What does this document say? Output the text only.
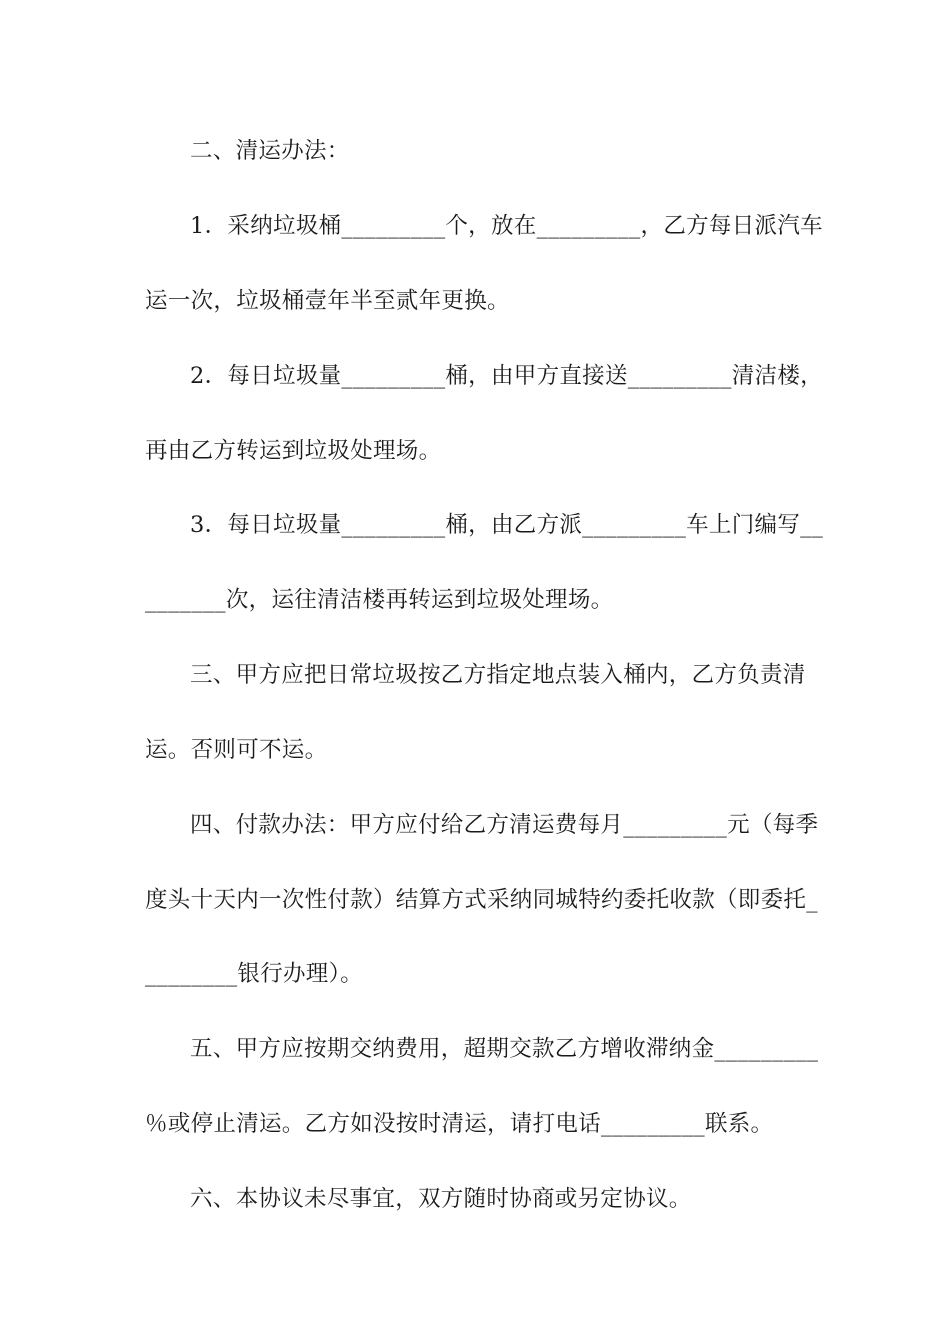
二、清运办法：
1．采纳垃圾桶_________个，放在_________，乙方每日派汽车
运一次，垃圾桶壹年半至贰年更换。
2．每日垃圾量_________桶，由甲方直接送_________清洁楼，
再由乙方转运到垃圾处理场。
3．每日垃圾量_________桶，由乙方派_________车上门编写__
_______次，运往清洁楼再转运到垃圾处理场。
三、甲方应把日常垃圾按乙方指定地点装入桶内，乙方负责清
运。否则可不运。
四、付款办法：甲方应付给乙方清运费每月_________元（每季
度头十天内一次性付款）结算方式采纳同城特约委托收款（即委托_
________银行办理）。
五、甲方应按期交纳费用，超期交款乙方增收滞纳金_________
％或停止清运。乙方如没按时清运，请打电话_________联系。
六、本协议未尽事宜，双方随时协商或另定协议。
